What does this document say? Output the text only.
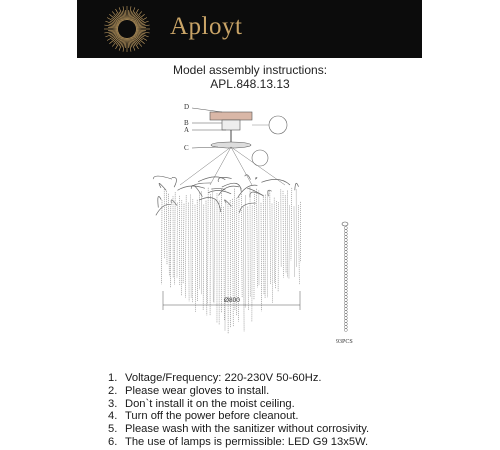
Aployt
Model assembly instructions:
APL.848.13.13
D
B
A
C
Ø800
93PCS
1. Voltage/Frequency: 220-230V 50-60Hz.
2. Please wear gloves to install.
3. Don`t install it on the moist ceiling.
4. Turn off the power before cleanout.
5. Please wash with the sanitizer without corrosivity.
6. The use of lamps is permissible: LED G9 13x5W.
